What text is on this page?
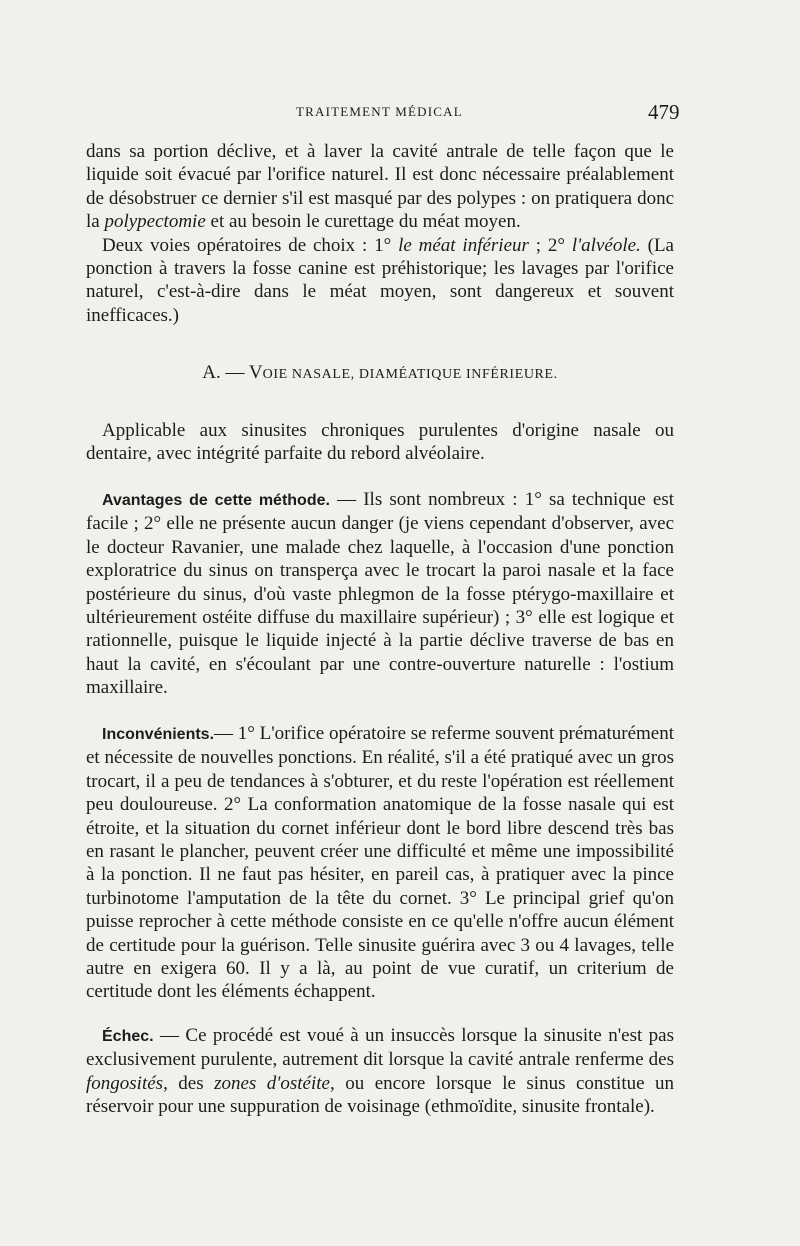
TRAITEMENT MÉDICAL	479

dans sa portion déclive, et à laver la cavité antrale de telle façon que le liquide soit évacué par l'orifice naturel. Il est donc nécessaire préalablement de désobstruer ce dernier s'il est masqué par des polypes : on pratiquera donc la polypectomie et au besoin le curettage du méat moyen.

Deux voies opératoires de choix : 1° le méat inférieur ; 2° l'alvéole. (La ponction à travers la fosse canine est préhistorique; les lavages par l'orifice naturel, c'est-à-dire dans le méat moyen, sont dangereux et souvent inefficaces.)

A. — VOIE NASALE, DIAMÉATIQUE INFÉRIEURE.

Applicable aux sinusites chroniques purulentes d'origine nasale ou dentaire, avec intégrité parfaite du rebord alvéolaire.

Avantages de cette méthode. — Ils sont nombreux : 1° sa technique est facile ; 2° elle ne présente aucun danger (je viens cependant d'observer, avec le docteur Ravanier, une malade chez laquelle, à l'occasion d'une ponction exploratrice du sinus on transperça avec le trocart la paroi nasale et la face postérieure du sinus, d'où vaste phlegmon de la fosse ptérygo-maxillaire et ultérieurement ostéite diffuse du maxillaire supérieur) ; 3° elle est logique et rationnelle, puisque le liquide injecté à la partie déclive traverse de bas en haut la cavité, en s'écoulant par une contre-ouverture naturelle : l'ostium maxillaire.

Inconvénients.— 1° L'orifice opératoire se referme souvent prématurément et nécessite de nouvelles ponctions. En réalité, s'il a été pratiqué avec un gros trocart, il a peu de tendances à s'obturer, et du reste l'opération est réellement peu douloureuse. 2° La conformation anatomique de la fosse nasale qui est étroite, et la situation du cornet inférieur dont le bord libre descend très bas en rasant le plancher, peuvent créer une difficulté et même une impossibilité à la ponction. Il ne faut pas hésiter, en pareil cas, à pratiquer avec la pince turbinotome l'amputation de la tête du cornet. 3° Le principal grief qu'on puisse reprocher à cette méthode consiste en ce qu'elle n'offre aucun élément de certitude pour la guérison. Telle sinusite guérira avec 3 ou 4 lavages, telle autre en exigera 60. Il y a là, au point de vue curatif, un criterium de certitude dont les éléments échappent.

Échec. — Ce procédé est voué à un insuccès lorsque la sinusite n'est pas exclusivement purulente, autrement dit lorsque la cavité antrale renferme des fongosités, des zones d'ostéite, ou encore lorsque le sinus constitue un réservoir pour une suppuration de voisinage (ethmoïdite, sinusite frontale).
